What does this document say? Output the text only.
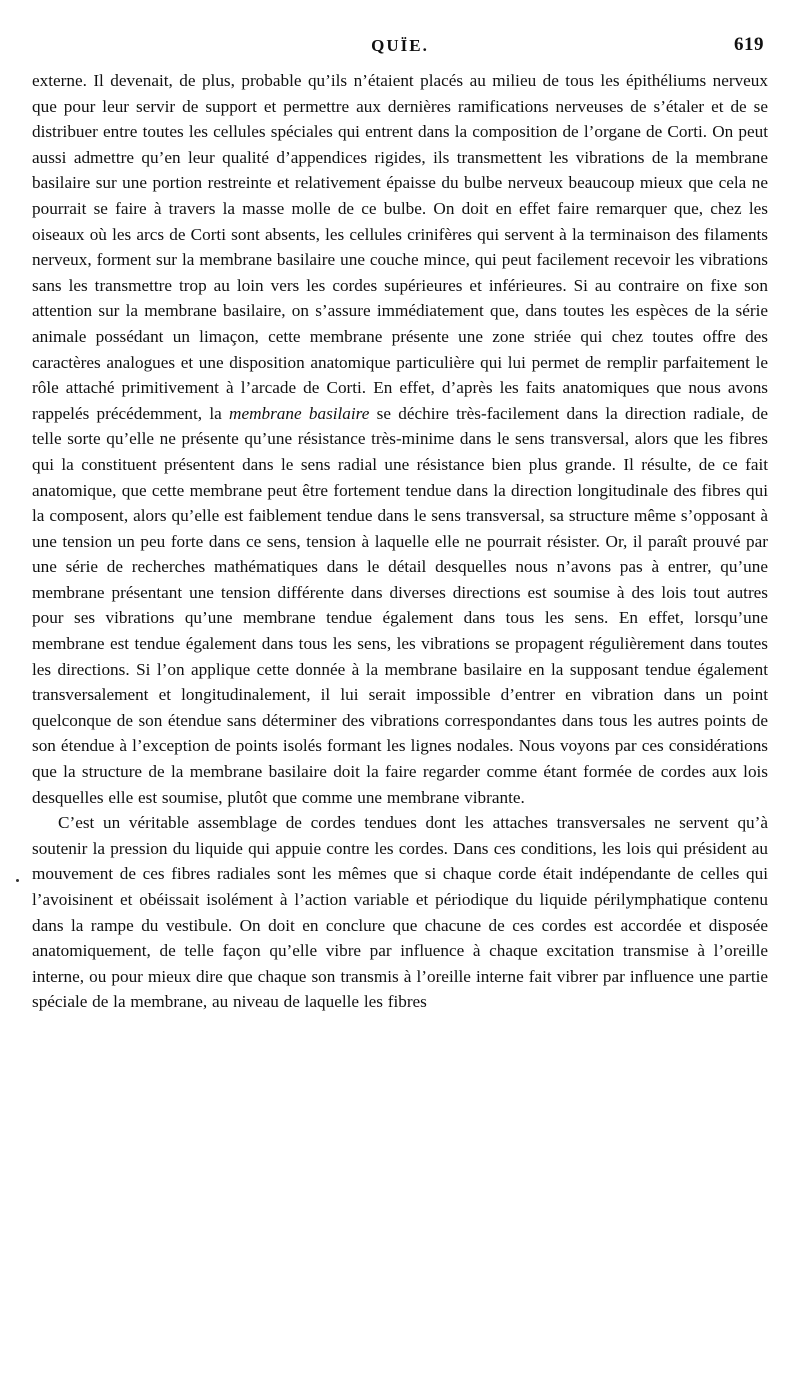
QUÏE.	619

externe. Il devenait, de plus, probable qu’ils n’étaient placés au milieu de tous les épithéliums nerveux que pour leur servir de support et permettre aux dernières ramifications nerveuses de s’étaler et de se distribuer entre toutes les cellules spéciales qui entrent dans la composition de l’organe de Corti. On peut aussi admettre qu’en leur qualité d’appendices rigides, ils transmettent les vibrations de la membrane basilaire sur une portion restreinte et relativement épaisse du bulbe nerveux beaucoup mieux que cela ne pourrait se faire à travers la masse molle de ce bulbe. On doit en effet faire remarquer que, chez les oiseaux où les arcs de Corti sont absents, les cellules crinifères qui servent à la terminaison des filaments nerveux, forment sur la membrane basilaire une couche mince, qui peut facilement recevoir les vibrations sans les transmettre trop au loin vers les cordes supérieures et inférieures. Si au contraire on fixe son attention sur la membrane basilaire, on s’assure immédiatement que, dans toutes les espèces de la série animale possédant un limaçon, cette membrane présente une zone striée qui chez toutes offre des caractères analogues et une disposition anatomique particulière qui lui permet de remplir parfaitement le rôle attaché primitivement à l’arcade de Corti. En effet, d’après les faits anatomiques que nous avons rappelés précédemment, la membrane basilaire se déchire très-facilement dans la direction radiale, de telle sorte qu’elle ne présente qu’une résistance très-minime dans le sens transversal, alors que les fibres qui la constituent présentent dans le sens radial une résistance bien plus grande. Il résulte, de ce fait anatomique, que cette membrane peut être fortement tendue dans la direction longitudinale des fibres qui la composent, alors qu’elle est faiblement tendue dans le sens transversal, sa structure même s’opposant à une tension un peu forte dans ce sens, tension à laquelle elle ne pourrait résister. Or, il paraît prouvé par une série de recherches mathématiques dans le détail desquelles nous n’avons pas à entrer, qu’une membrane présentant une tension différente dans diverses directions est soumise à des lois tout autres pour ses vibrations qu’une membrane tendue également dans tous les sens. En effet, lorsqu’une membrane est tendue également dans tous les sens, les vibrations se propagent régulièrement dans toutes les directions. Si l’on applique cette donnée à la membrane basilaire en la supposant tendue également transversalement et longitudinalement, il lui serait impossible d’entrer en vibration dans un point quelconque de son étendue sans déterminer des vibrations correspondantes dans tous les autres points de son étendue à l’exception de points isolés formant les lignes nodales. Nous voyons par ces considérations que la structure de la membrane basilaire doit la faire regarder comme étant formée de cordes aux lois desquelles elle est soumise, plutôt que comme une membrane vibrante.

C’est un véritable assemblage de cordes tendues dont les attaches transversales ne servent qu’à soutenir la pression du liquide qui appuie contre les cordes. Dans ces conditions, les lois qui président au mouvement de ces fibres radiales sont les mêmes que si chaque corde était indépendante de celles qui l’avoisinent et obéissait isolément à l’action variable et périodique du liquide périlymphatique contenu dans la rampe du vestibule. On doit en conclure que chacune de ces cordes est accordée et disposée anatomiquement, de telle façon qu’elle vibre par influence à chaque excitation transmise à l’oreille interne, ou pour mieux dire que chaque son transmis à l’oreille interne fait vibrer par influence une partie spéciale de la membrane, au niveau de laquelle les fibres
